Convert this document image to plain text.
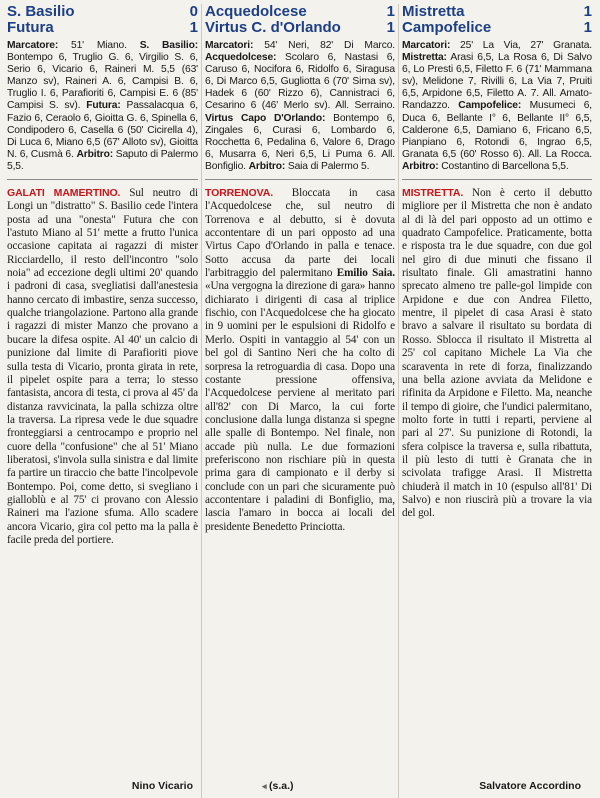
S. Basilio	0
Futura	1
Marcatore: 51' Miano. S. Basilio: Bontempo 6, Truglio G. 6, Virgilio S. 6, Serio 6, Vicario 6, Raineri M. 5,5 (63' Manzo sv), Raineri A. 6, Campisi B. 6, Truglio I. 6, Parafioriti 6, Campisi E. 6 (85' Campisi S. sv). Futura: Passalacqua 6, Fazio 6, Ceraolo 6, Gioitta G. 6, Spinella 6, Condipodero 6, Casella 6 (50' Cicirella 4), Di Luca 6, Miano 6,5 (67' Alloto sv), Gioitta N. 6, Cusmà 6. Arbitro: Saputo di Palermo 5,5.
GALATI MAMERTINO. Sul neutro di Longi un "distratto" S. Basilio cede l'intera posta ad una "onesta" Futura che con l'astuto Miano al 51' mette a frutto l'unica occasione capitata ai ragazzi di mister Ricciardello, il resto dell'incontro "solo noia" ad eccezione degli ultimi 20' quando i padroni di casa, svegliatisi dall'anestesia hanno cercato di imbastire, senza successo, qualche triangolazione. Partono alla grande i ragazzi di mister Manzo che provano a bucare la difesa ospite. Al 40' un calcio di punizione dal limite di Parafioriti piove sulla testa di Vicario, pronta girata in rete, il pipelet ospite para a terra; lo stesso fantasista, ancora di testa, ci prova al 45' da distanza ravvicinata, la palla schizza oltre la traversa. La ripresa vede le due squadre fronteggiarsi a centrocampo e proprio nel cuore della "confusione" che al 51' Miano liberatosi, s'invola sulla sinistra e dal limite fa partire un tiraccio che batte l'incolpevole Bontempo. Poi, come detto, si svegliano i gialloblù e al 75' ci provano con Alessio Raineri ma l'azione sfuma. Allo scadere ancora Vicario, gira col petto ma la palla è facile preda del portiere.
Nino Vicario
Acquedolcese	1
Virtus C. d'Orlando	1
Marcatori: 54' Neri, 82' Di Marco. Acquedolcese: Scolaro 6, Nastasi 6, Caruso 6, Nocifora 6, Ridolfo 6, Siragusa 6, Di Marco 6,5, Gugliotta 6 (70' Sirna sv), Hadek 6 (60' Rizzo 6), Cannistraci 6, Cesarino 6 (46' Merlo sv). All. Serraino. Virtus Capo D'Orlando: Bontempo 6, Zingales 6, Curasi 6, Lombardo 6, Rocchetta 6, Pedalina 6, Valore 6, Drago 6, Musarra 6, Neri 6,5, Li Puma 6. All. Bonfiglio. Arbitro: Saia di Palermo 5.
TORRENOVA. Bloccata in casa l'Acquedolcese che, sul neutro di Torrenova e al debutto, si è dovuta accontentare di un pari opposto ad una Virtus Capo d'Orlando in palla e tenace. Sotto accusa da parte dei locali l'arbitraggio del palermitano Emilio Saia. «Una vergogna la direzione di gara» hanno dichiarato i dirigenti di casa al triplice fischio, con l'Acquedolcese che ha giocato in 9 uomini per le espulsioni di Ridolfo e Merlo. Ospiti in vantaggio al 54' con un bel gol di Santino Neri che ha colto di sorpresa la retroguardia di casa. Dopo una costante pressione offensiva, l'Acquedolcese perviene al meritato pari all'82' con Di Marco, la cui forte conclusione dalla lunga distanza si spegne alle spalle di Bontempo. Nel finale, non accade più nulla. Le due formazioni preferiscono non rischiare più in questa prima gara di campionato e il derby si conclude con un pari che sicuramente può accontentare i paladini di Bonfiglio, ma, lascia l'amaro in bocca ai locali del presidente Benedetto Princiotta.
◂ (s.a.)
Mistretta	1
Campofelice	1
Marcatori: 25' La Via, 27' Granata. Mistretta: Arasi 6,5, La Rosa 6, Di Salvo 6, Lo Presti 6,5, Filetto F. 6 (71' Mammana sv), Melidone 7, Rivilli 6, La Via 7, Pruiti 6,5, Arpidone 6,5, Filetto A. 7. All. Amato-Randazzo. Campofelice: Musumeci 6, Duca 6, Bellante I° 6, Bellante II° 6,5, Calderone 6,5, Damiano 6, Fricano 6,5, Pianpiano 6, Rotondi 6, Ingrao 6,5, Granata 6,5 (60' Rosso 6). All. La Rocca. Arbitro: Costantino di Barcellona 5,5.
MISTRETTA. Non è certo il debutto migliore per il Mistretta che non è andato al di là del pari opposto ad un ottimo e quadrato Campofelice. Praticamente, botta e risposta tra le due squadre, con due gol nel giro di due minuti che fissano il risultato finale. Gli amastratini hanno sprecato almeno tre palle-gol limpide con Arpidone e due con Andrea Filetto, mentre, il pipelet di casa Arasi è stato bravo a salvare il risultato su bordata di Rosso. Sblocca il risultato il Mistretta al 25' col capitano Michele La Via che scaraventa in rete di forza, finalizzando una bella azione avviata da Melidone e rifinita da Arpidone e Filetto. Ma, neanche il tempo di gioire, che l'undici palermitano, molto forte in tutti i reparti, perviene al pari al 27'. Su punizione di Rotondi, la sfera colpisce la traversa e, sulla ribattuta, il più lesto di tutti è Granata che in scivolata trafigge Arasi. Il Mistretta chiuderà il match in 10 (espulso all'81' Di Salvo) e non riuscirà più a trovare la via del gol.
Salvatore Accordino
